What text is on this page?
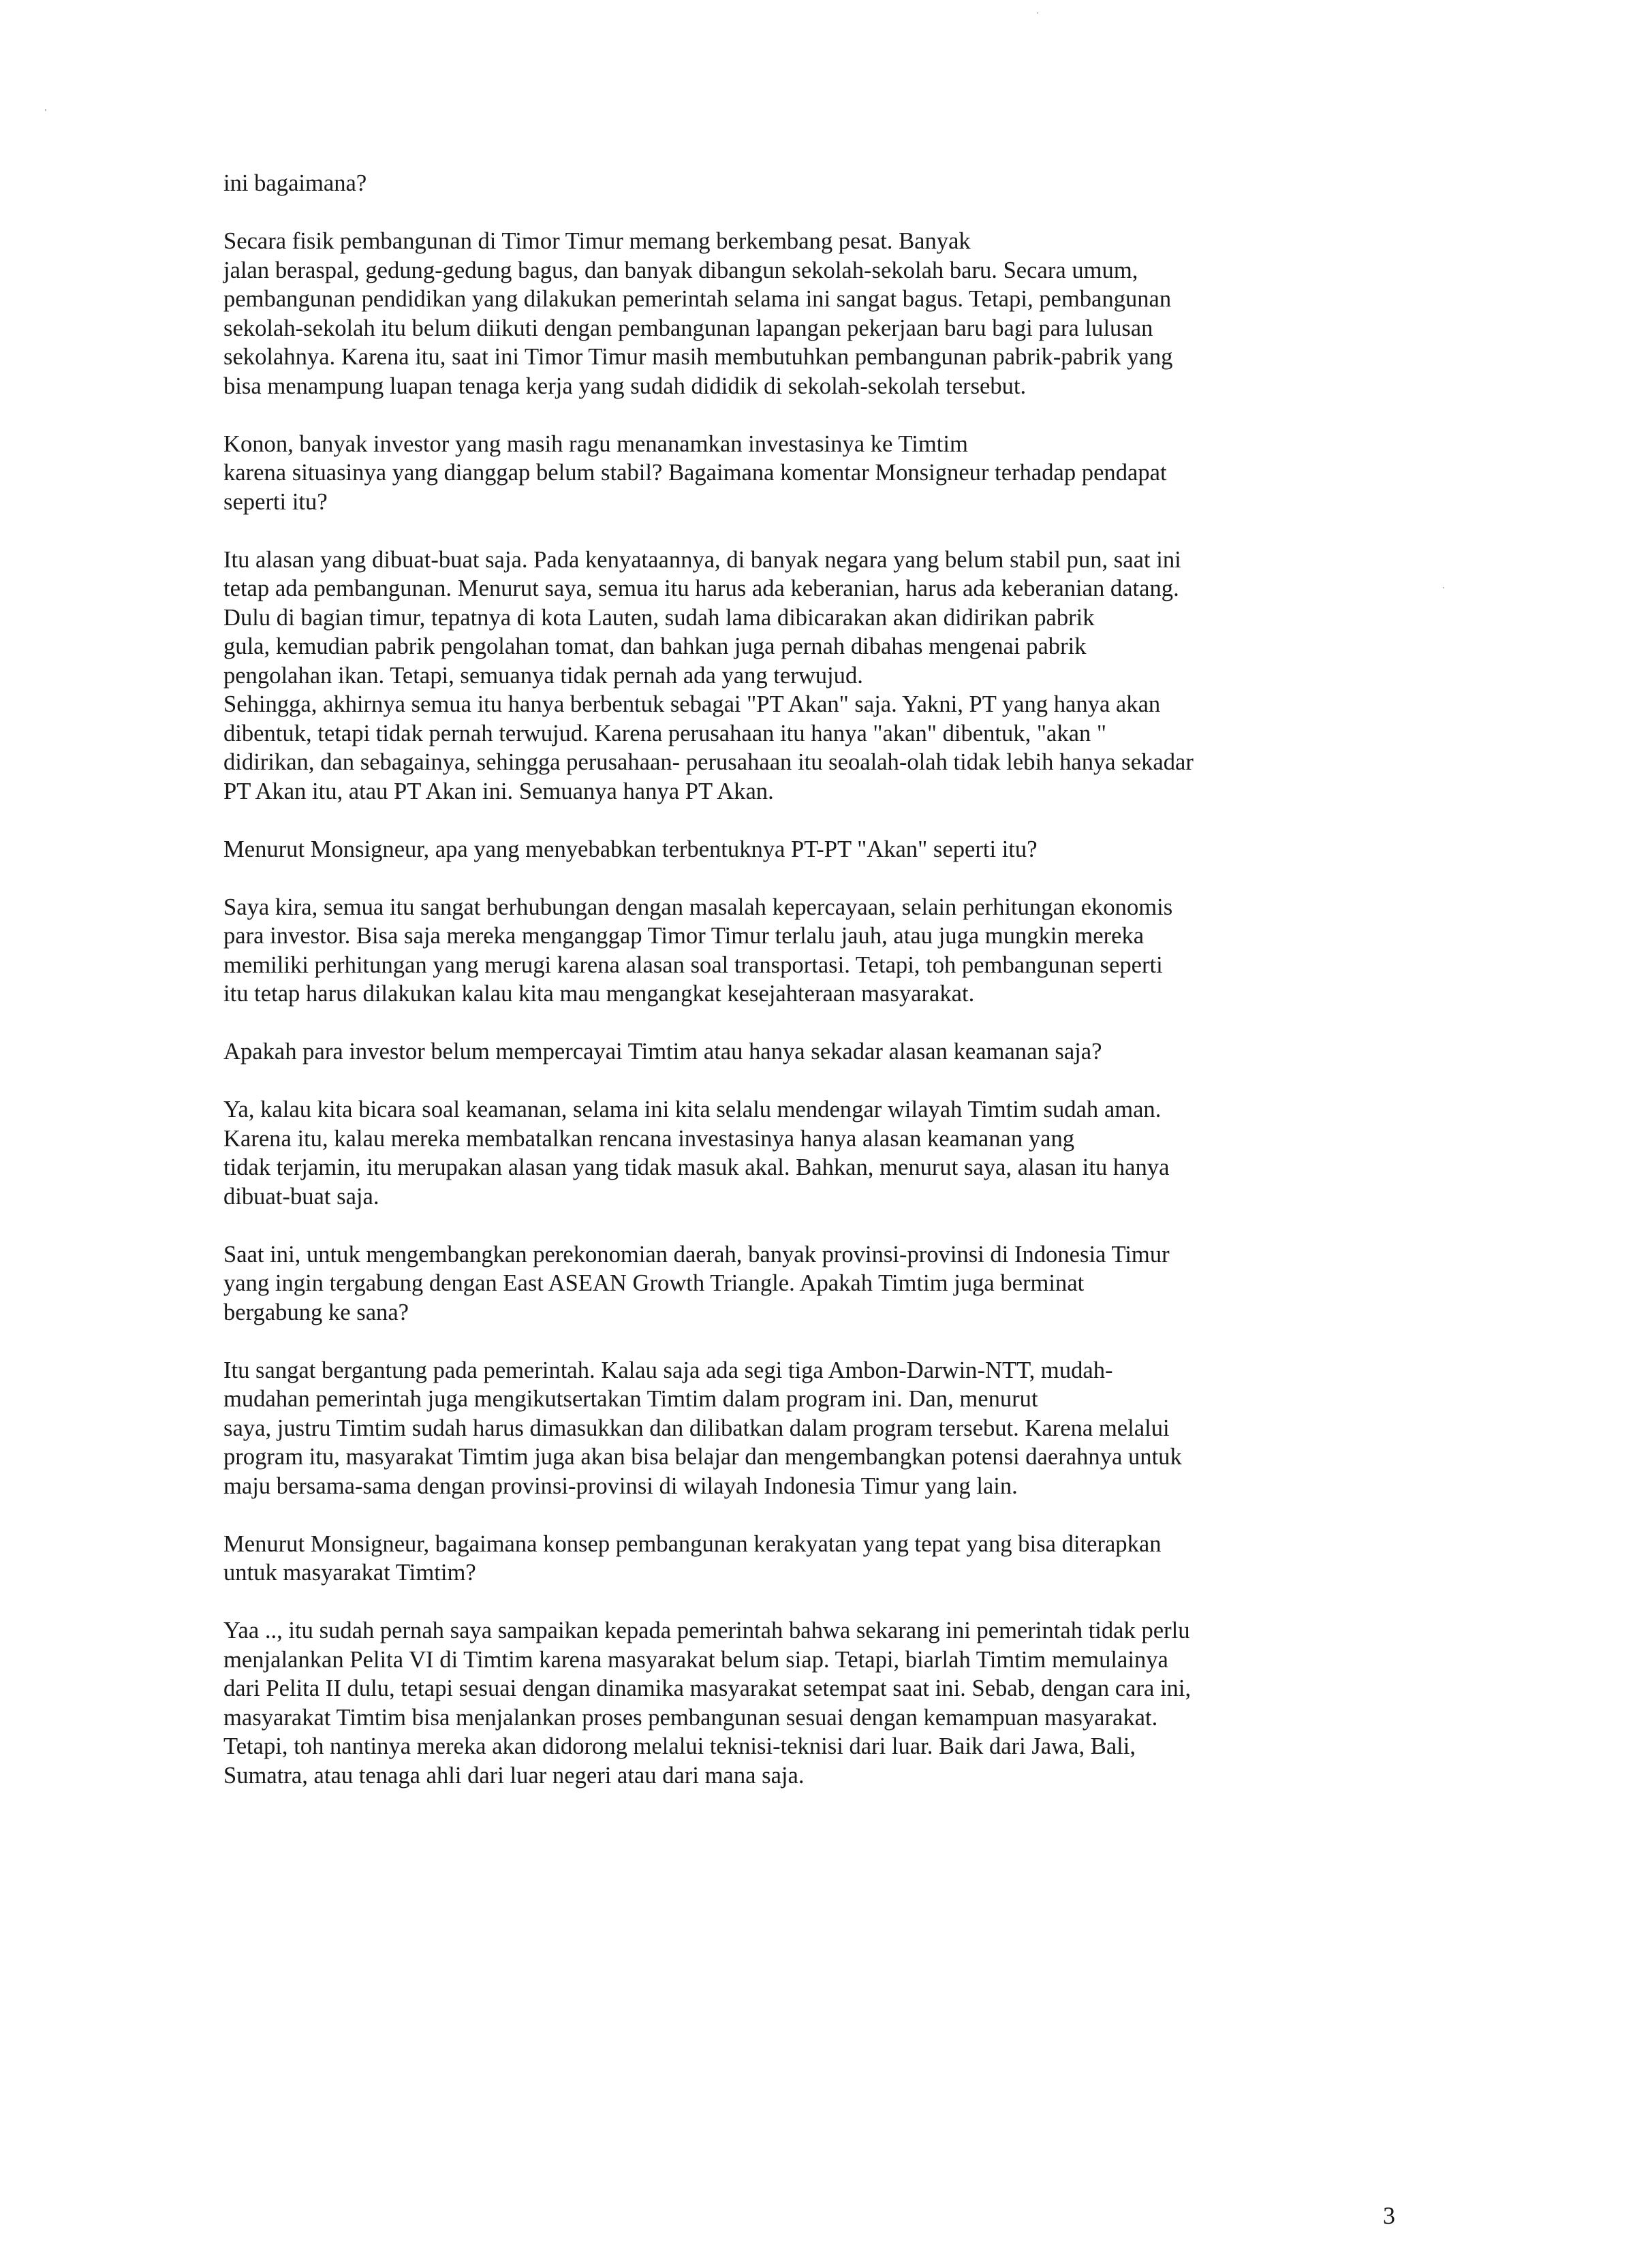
ini bagaimana?
Secara fisik pembangunan di Timor Timur memang berkembang pesat. Banyak
jalan beraspal, gedung-gedung bagus, dan banyak dibangun sekolah-sekolah baru. Secara umum,
pembangunan pendidikan yang dilakukan pemerintah selama ini sangat bagus. Tetapi, pembangunan
sekolah-sekolah itu belum diikuti dengan pembangunan lapangan pekerjaan baru bagi para lulusan
sekolahnya. Karena itu, saat ini Timor Timur masih membutuhkan pembangunan pabrik-pabrik yang
bisa menampung luapan tenaga kerja yang sudah dididik di sekolah-sekolah tersebut.
Konon, banyak investor yang masih ragu menanamkan investasinya ke Timtim
karena situasinya yang dianggap belum stabil? Bagaimana komentar Monsigneur terhadap pendapat
seperti itu?
Itu alasan yang dibuat-buat saja. Pada kenyataannya, di banyak negara yang belum stabil pun, saat ini
tetap ada pembangunan. Menurut saya, semua itu harus ada keberanian, harus ada keberanian datang.
Dulu di bagian timur, tepatnya di kota Lauten, sudah lama dibicarakan akan didirikan pabrik
gula, kemudian pabrik pengolahan tomat, dan bahkan juga pernah dibahas mengenai pabrik
pengolahan ikan. Tetapi, semuanya tidak pernah ada yang terwujud.
Sehingga, akhirnya semua itu hanya berbentuk sebagai "PT Akan" saja. Yakni, PT yang hanya akan
dibentuk, tetapi tidak pernah terwujud. Karena perusahaan itu hanya "akan" dibentuk, "akan "
didirikan, dan sebagainya, sehingga perusahaan- perusahaan itu seoalah-olah tidak lebih hanya sekadar
PT Akan itu, atau PT Akan ini. Semuanya hanya PT Akan.
Menurut Monsigneur, apa yang menyebabkan terbentuknya PT-PT "Akan" seperti itu?
Saya kira, semua itu sangat berhubungan dengan masalah kepercayaan, selain perhitungan ekonomis
para investor. Bisa saja mereka menganggap Timor Timur terlalu jauh, atau juga mungkin mereka
memiliki perhitungan yang merugi karena alasan soal transportasi. Tetapi, toh pembangunan seperti
itu tetap harus dilakukan kalau kita mau mengangkat kesejahteraan masyarakat.
Apakah para investor belum mempercayai Timtim atau hanya sekadar alasan keamanan saja?
Ya, kalau kita bicara soal keamanan, selama ini kita selalu mendengar wilayah Timtim sudah aman.
Karena itu, kalau mereka membatalkan rencana investasinya hanya alasan keamanan yang
tidak terjamin, itu merupakan alasan yang tidak masuk akal. Bahkan, menurut saya, alasan itu hanya
dibuat-buat saja.
Saat ini, untuk mengembangkan perekonomian daerah, banyak provinsi-provinsi di Indonesia Timur
yang ingin tergabung dengan East ASEAN Growth Triangle. Apakah Timtim juga berminat
bergabung ke sana?
Itu sangat bergantung pada pemerintah. Kalau saja ada segi tiga Ambon-Darwin-NTT, mudah-
mudahan pemerintah juga mengikutsertakan Timtim dalam program ini. Dan, menurut
saya, justru Timtim sudah harus dimasukkan dan dilibatkan dalam program tersebut. Karena melalui
program itu, masyarakat Timtim juga akan bisa belajar dan mengembangkan potensi daerahnya untuk
maju bersama-sama dengan provinsi-provinsi di wilayah Indonesia Timur yang lain.
Menurut Monsigneur, bagaimana konsep pembangunan kerakyatan yang tepat yang bisa diterapkan
untuk masyarakat Timtim?
Yaa .., itu sudah pernah saya sampaikan kepada pemerintah bahwa sekarang ini pemerintah tidak perlu
menjalankan Pelita VI di Timtim karena masyarakat belum siap. Tetapi, biarlah Timtim memulainya
dari Pelita II dulu, tetapi sesuai dengan dinamika masyarakat setempat saat ini. Sebab, dengan cara ini,
masyarakat Timtim bisa menjalankan proses pembangunan sesuai dengan kemampuan masyarakat.
Tetapi, toh nantinya mereka akan didorong melalui teknisi-teknisi dari luar. Baik dari Jawa, Bali,
Sumatra, atau tenaga ahli dari luar negeri atau dari mana saja.
3
